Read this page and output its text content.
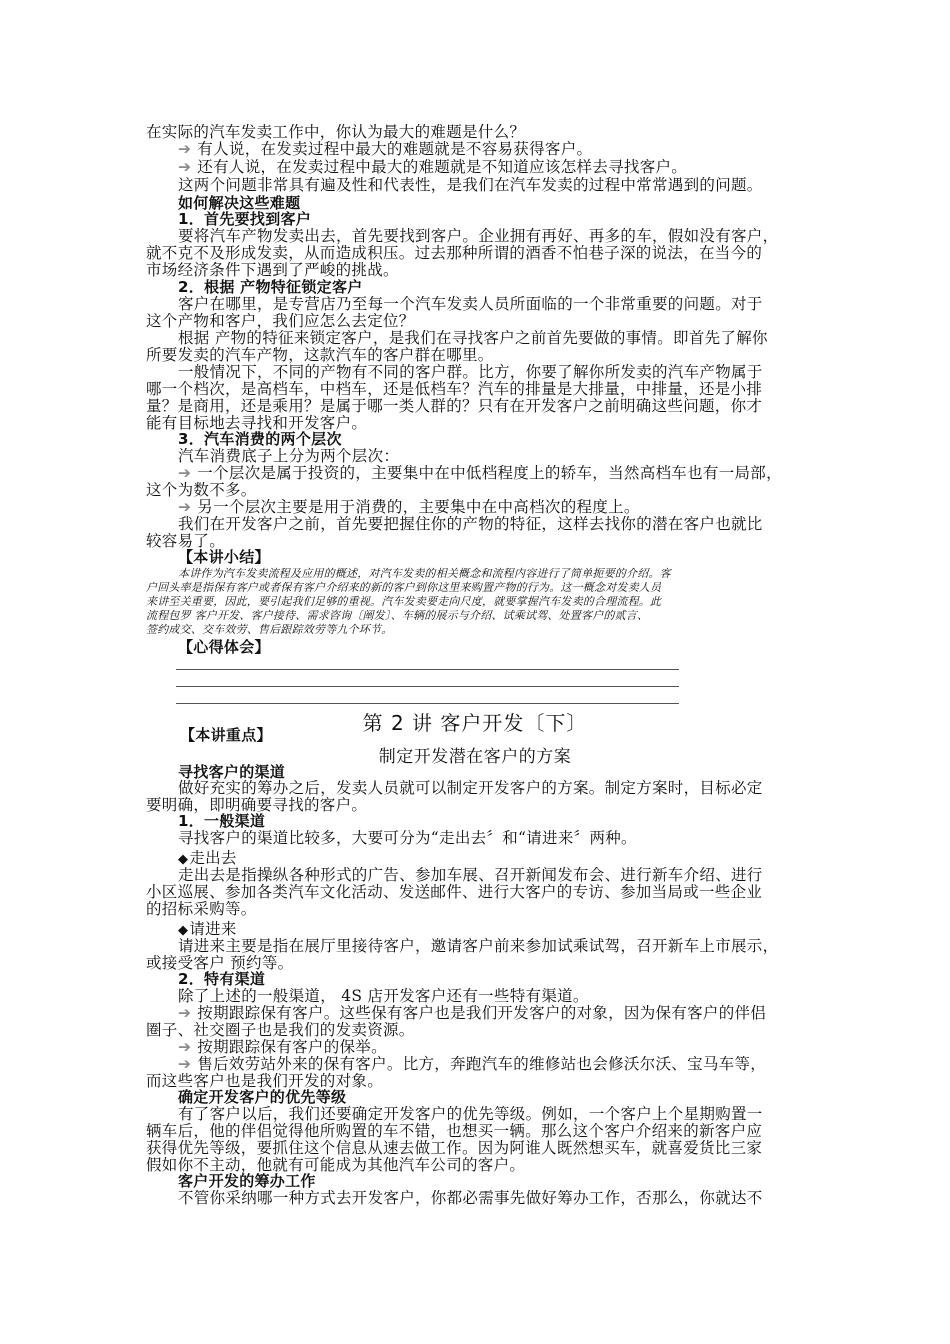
在实际的汽车发卖工作中，你认为最大的难题是什么？
➔ 有人说，在发卖过程中最大的难题就是不容易获得客户。
➔ 还有人说，在发卖过程中最大的难题就是不知道应该怎样去寻找客户。
这两个问题非常具有遍及性和代表性，是我们在汽车发卖的过程中常常遇到的问题。
如何解决这些难题
1．首先要找到客户
要将汽车产物发卖出去，首先要找到客户。企业拥有再好、再多的车，假如没有客户，
就不克不及形成发卖，从而造成积压。过去那种所谓的酒香不怕巷子深的说法，在当今的
市场经济条件下遇到了严峻的挑战。
2．根据 产物特征锁定客户
客户在哪里，是专营店乃至每一个汽车发卖人员所面临的一个非常重要的问题。对于
这个产物和客户，我们应怎么去定位？
根据 产物的特征来锁定客户，是我们在寻找客户之前首先要做的事情。即首先了解你
所要发卖的汽车产物，这款汽车的客户群在哪里。
一般情况下，不同的产物有不同的客户群。比方，你要了解你所发卖的汽车产物属于
哪一个档次，是高档车，中档车，还是低档车？汽车的排量是大排量，中排量，还是小排
量？是商用，还是乘用？是属于哪一类人群的？只有在开发客户之前明确这些问题，你才
能有目标地去寻找和开发客户。
3．汽车消费的两个层次
汽车消费底子上分为两个层次：
➔ 一个层次是属于投资的，主要集中在中低档程度上的轿车，当然高档车也有一局部，
这个为数不多。
➔ 另一个层次主要是用于消费的，主要集中在中高档次的程度上。
我们在开发客户之前，首先要把握住你的产物的特征，这样去找你的潜在客户也就比
较容易了。
【本讲小结】
本讲作为汽车发卖流程及应用的概述，对汽车发卖的相关概念和流程内容进行了简单扼要的介绍。客
户回头率是指保有客户或者保有客户介绍来的新的客户到你这里来购置产物的行为。这一概念对发卖人员
来讲至关重要，因此，要引起我们足够的重视。汽车发卖要走向尺度，就要掌握汽车发卖的合理流程。此
流程包罗 客户开发、客户接待、需求咨询〔阐发〕、车辆的展示与介绍、试乘试驾、处置客户的贰言、
签约成交、交车效劳、售后跟踪效劳等九个环节。
【心得体会】
第 2 讲 客户开发〔下〕
【本讲重点】
制定开发潜在客户的方案
寻找客户的渠道
做好充实的筹办之后，发卖人员就可以制定开发客户的方案。制定方案时，目标必定
要明确，即明确要寻找的客户。
1．一般渠道
寻找客户的渠道比较多，大要可分为“走出去〞和“请进来〞两种。
◆走出去
走出去是指操纵各种形式的广告、参加车展、召开新闻发布会、进行新车介绍、进行
小区巡展、参加各类汽车文化活动、发送邮件、进行大客户的专访、参加当局或一些企业
的招标采购等。
◆请进来
请进来主要是指在展厅里接待客户，邀请客户前来参加试乘试驾，召开新车上市展示，
或接受客户 预约等。
2．特有渠道
除了上述的一般渠道， 4S 店开发客户还有一些特有渠道。
➔ 按期跟踪保有客户。这些保有客户也是我们开发客户的对象，因为保有客户的伴侣
圈子、社交圈子也是我们的发卖资源。
➔ 按期跟踪保有客户的保举。
➔ 售后效劳站外来的保有客户。比方，奔跑汽车的维修站也会修沃尔沃、宝马车等，
而这些客户也是我们开发的对象。
确定开发客户的优先等级
有了客户以后，我们还要确定开发客户的优先等级。例如，一个客户上个星期购置一
辆车后，他的伴侣觉得他所购置的车不错，也想买一辆。那么这个客户介绍来的新客户应
获得优先等级，要抓住这个信息从速去做工作。因为阿谁人既然想买车，就喜爱货比三家
假如你不主动，他就有可能成为其他汽车公司的客户。
客户开发的筹办工作
不管你采纳哪一种方式去开发客户，你都必需事先做好筹办工作，否那么，你就达不
